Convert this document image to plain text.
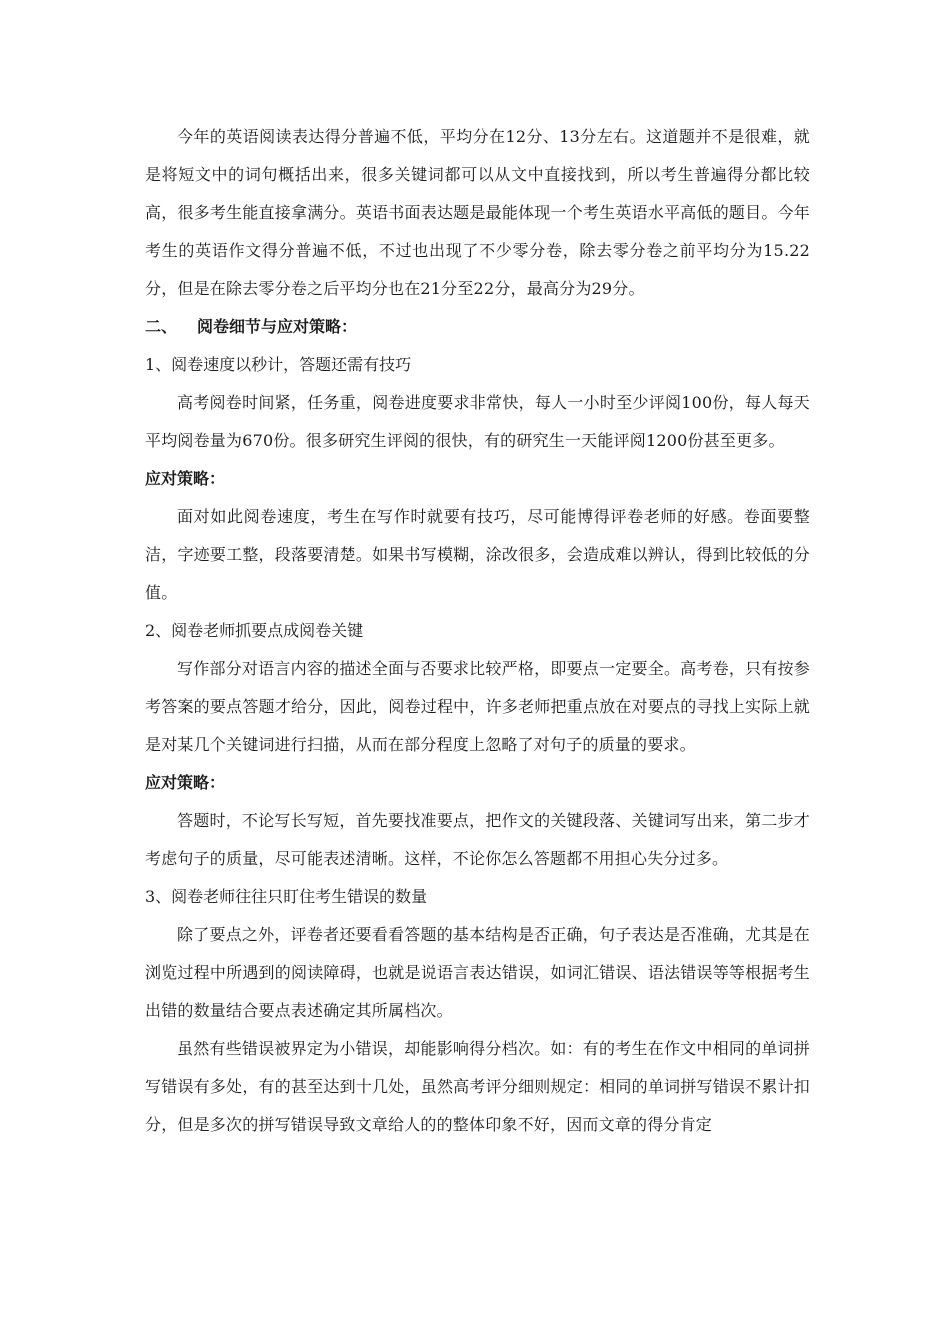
今年的英语阅读表达得分普遍不低，平均分在12分、13分左右。这道题并不是很难，就是将短文中的词句概括出来，很多关键词都可以从文中直接找到，所以考生普遍得分都比较高，很多考生能直接拿满分。英语书面表达题是最能体现一个考生英语水平高低的题目。今年考生的英语作文得分普遍不低，不过也出现了不少零分卷，除去零分卷之前平均分为15.22分，但是在除去零分卷之后平均分也在21分至22分，最高分为29分。

二、 阅卷细节与应对策略：

1、阅卷速度以秒计，答题还需有技巧

高考阅卷时间紧，任务重，阅卷进度要求非常快，每人一小时至少评阅100份，每人每天平均阅卷量为670份。很多研究生评阅的很快，有的研究生一天能评阅1200份甚至更多。

应对策略：

面对如此阅卷速度，考生在写作时就要有技巧，尽可能博得评卷老师的好感。卷面要整洁，字迹要工整，段落要清楚。如果书写模糊，涂改很多，会造成难以辨认，得到比较低的分值。

2、阅卷老师抓要点成阅卷关键

写作部分对语言内容的描述全面与否要求比较严格，即要点一定要全。高考卷，只有按参考答案的要点答题才给分，因此，阅卷过程中，许多老师把重点放在对要点的寻找上实际上就是对某几个关键词进行扫描，从而在部分程度上忽略了对句子的质量的要求。

应对策略：

答题时，不论写长写短，首先要找准要点，把作文的关键段落、关键词写出来，第二步才考虑句子的质量，尽可能表述清晰。这样，不论你怎么答题都不用担心失分过多。

3、阅卷老师往往只盯住考生错误的数量

除了要点之外，评卷者还要看看答题的基本结构是否正确，句子表达是否准确，尤其是在浏览过程中所遇到的阅读障碍，也就是说语言表达错误，如词汇错误、语法错误等等根据考生出错的数量结合要点表述确定其所属档次。

虽然有些错误被界定为小错误，却能影响得分档次。如：有的考生在作文中相同的单词拼写错误有多处，有的甚至达到十几处，虽然高考评分细则规定：相同的单词拼写错误不累计扣分，但是多次的拼写错误导致文章给人的的整体印象不好，因而文章的得分肯定
